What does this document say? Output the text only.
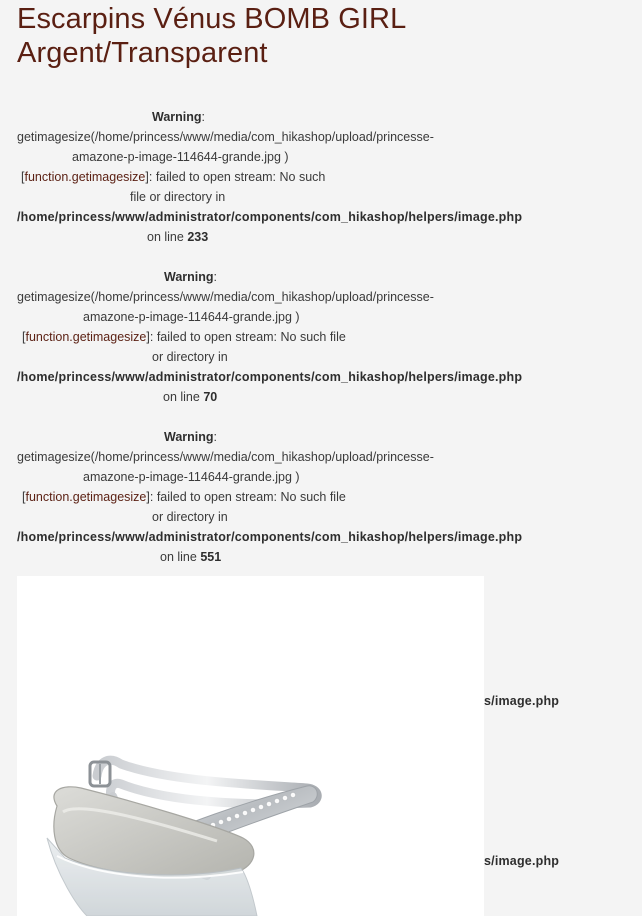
Escarpins Vénus BOMB GIRL
Argent/Transparent
Warning:
getimagesize(/home/princess/www/media/com_hikashop/upload/princesse-
amazone-p-image-114644-grande.jpg )
[function.getimagesize]: failed to open stream: No such
file or directory in
/home/princess/www/administrator/components/com_hikashop/helpers/image.php
on line 233
Warning:
getimagesize(/home/princess/www/media/com_hikashop/upload/princesse-
amazone-p-image-114644-grande.jpg )
[function.getimagesize]: failed to open stream: No such file
or directory in
/home/princess/www/administrator/components/com_hikashop/helpers/image.php
on line 70
Warning:
getimagesize(/home/princess/www/media/com_hikashop/upload/princesse-
amazone-p-image-114644-grande.jpg )
[function.getimagesize]: failed to open stream: No such file
or directory in
/home/princess/www/administrator/components/com_hikashop/helpers/image.php
on line 551
s/image.php
s/image.php
